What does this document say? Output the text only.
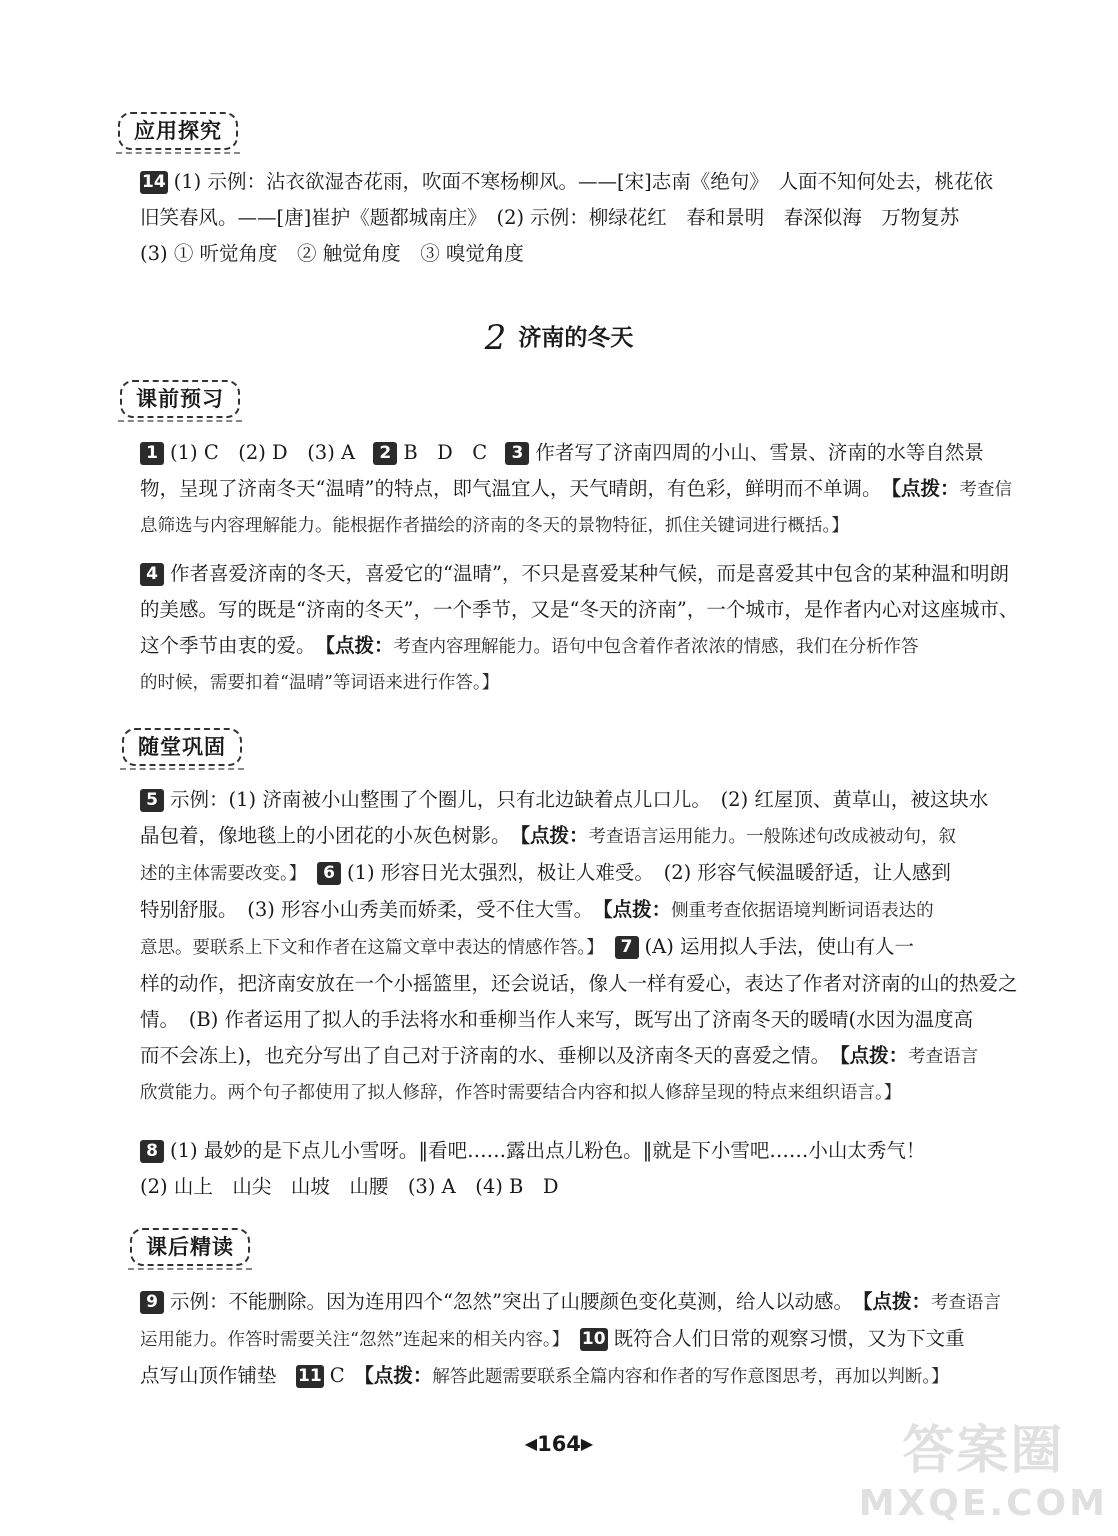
应用探究
14 (1) 示例：沾衣欲湿杏花雨，吹面不寒杨柳风。——[宋]志南《绝句》　人面不知何处去，桃花依
旧笑春风。——[唐]崔护《题都城南庄》　(2) 示例：柳绿花红　春和景明　春深似海　万物复苏
(3) ① 听觉角度　② 触觉角度　③ 嗅觉角度
2 济南的冬天
课前预习
1 (1) C　(2) D　(3) A 2 B　D　C 3 作者写了济南四周的小山、雪景、济南的水等自然景
物，呈现了济南冬天“温晴”的特点，即气温宜人，天气晴朗，有色彩，鲜明而不单调。　 【点拨：考查信
息筛选与内容理解能力。能根据作者描绘的济南的冬天的景物特征，抓住关键词进行概括。】
4 作者喜爱济南的冬天，喜爱它的“温晴”，不只是喜爱某种气候，而是喜爱其中包含的某种温和明朗
的美感。写的既是“济南的冬天”，一个季节，又是“冬天的济南”，一个城市，是作者内心对这座城市、
这个季节由衷的爱。　 【点拨：考查内容理解能力。语句中包含着作者浓浓的情感，我们在分析作答
的时候，需要扣着“温晴”等词语来进行作答。】
随堂巩固
5 示例：(1) 济南被小山整围了个圈儿，只有北边缺着点儿口儿。　(2) 红屋顶、黄草山，被这块水
晶包着，像地毯上的小团花的小灰色树影。　 【点拨：考查语言运用能力。一般陈述句改成被动句，叙
述的主体需要改变。】　 6 (1) 形容日光太强烈，极让人难受。　(2) 形容气候温暖舒适，让人感到
特别舒服。　(3) 形容小山秀美而娇柔，受不住大雪。　 【点拨：侧重考查依据语境判断词语表达的
意思。要联系上下文和作者在这篇文章中表达的情感作答。】　 7 (A) 运用拟人手法，使山有人一
样的动作，把济南安放在一个小摇篮里，还会说话，像人一样有爱心，表达了作者对济南的山的热爱之
情。　(B) 作者运用了拟人的手法将水和垂柳当作人来写，既写出了济南冬天的暖晴(水因为温度高
而不会冻上)，也充分写出了自己对于济南的水、垂柳以及济南冬天的喜爱之情。　 【点拨：考查语言
欣赏能力。两个句子都使用了拟人修辞，作答时需要结合内容和拟人修辞呈现的特点来组织语言。】
8 (1) 最妙的是下点儿小雪呀。‖看吧……露出点儿粉色。‖就是下小雪吧……小山太秀气！
(2) 山上　山尖　山坡　山腰　(3) A　(4) B　D
课后精读
9 示例：不能删除。因为连用四个“忽然”突出了山腰颜色变化莫测，给人以动感。　 【点拨：考查语言
运用能力。作答时需要关注“忽然”连起来的相关内容。】　 10 既符合人们日常的观察习惯，又为下文重
点写山顶作铺垫　 11 C　 【点拨：解答此题需要联系全篇内容和作者的写作意图思考，再加以判断。】
◀164▶	答案圈
MXQE.COM
